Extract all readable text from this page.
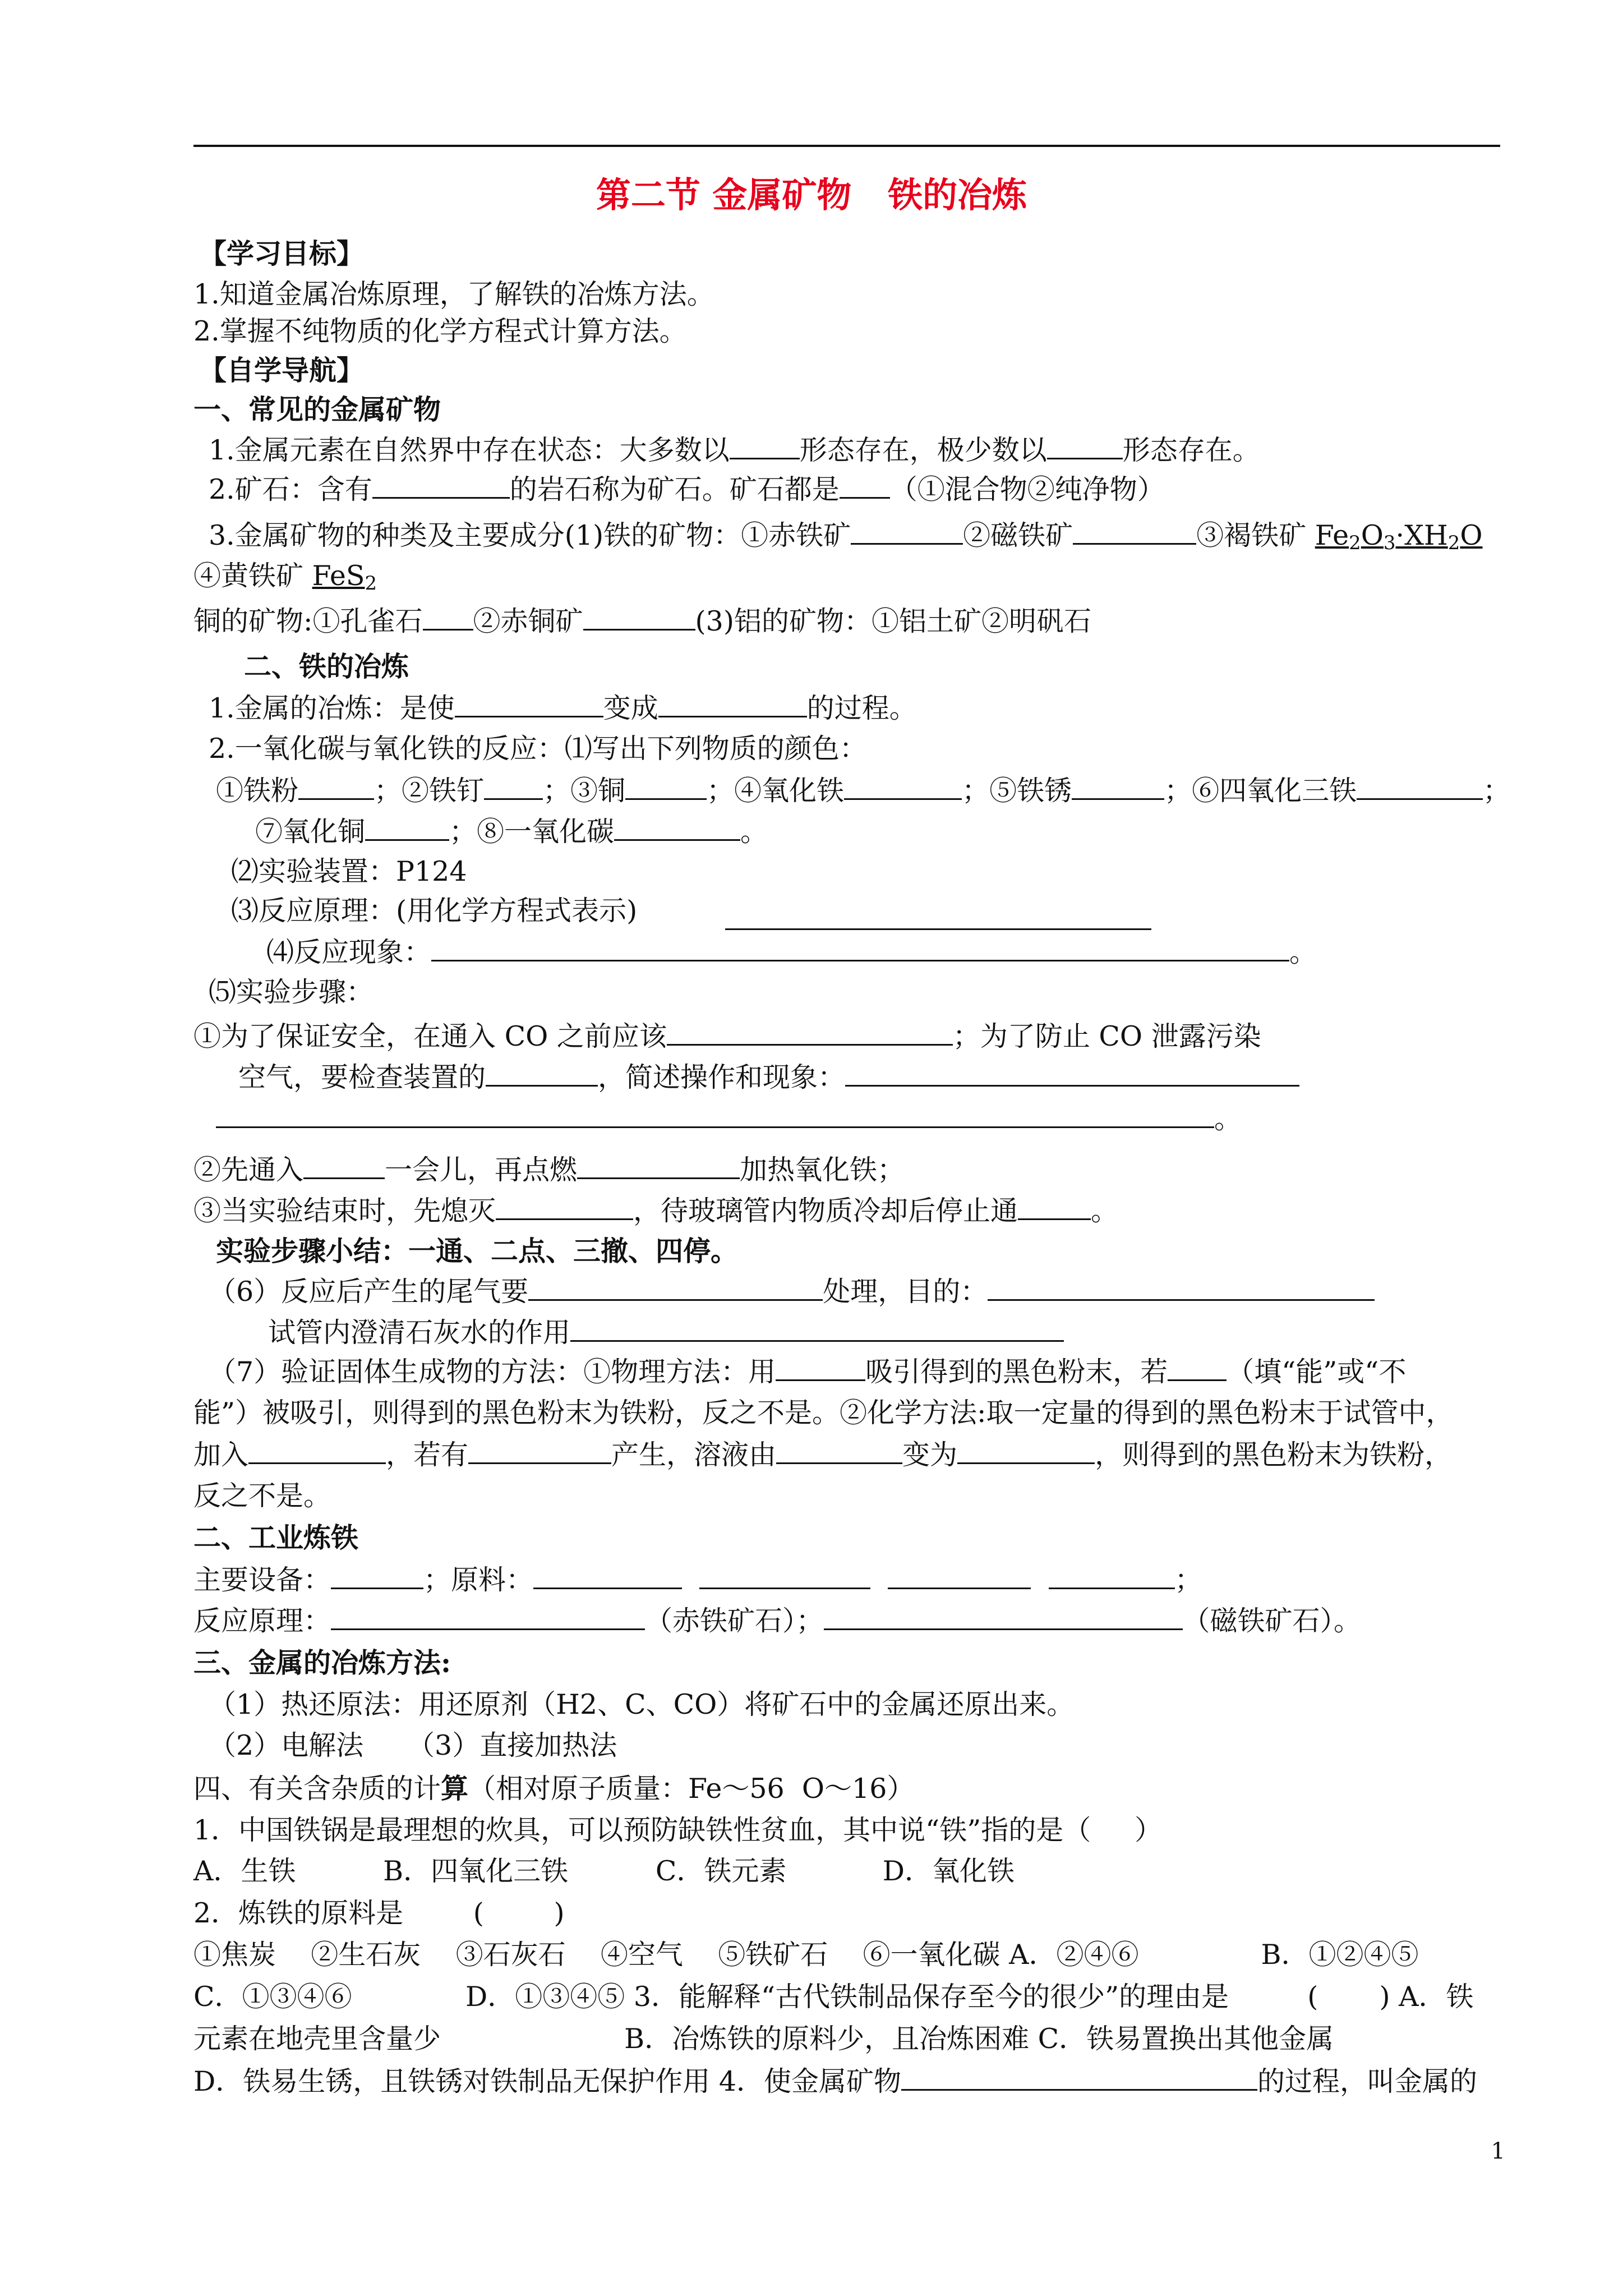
第二节 金属矿物   铁的冶炼
【学习目标】
1.知道金属冶炼原理，了解铁的冶炼方法。
2.掌握不纯物质的化学方程式计算方法。
【自学导航】
一、常见的金属矿物
1.金属元素在自然界中存在状态：大多数以	形态存在，极少数以	形态存在。
2.矿石：含有	的岩石称为矿石。矿石都是 （①混合物②纯净物）
3.金属矿物的种类及主要成分(1)铁的矿物：①赤铁矿	②磁铁矿	③褐铁矿 $Fe_2O_3\cdot XH_2O$
④黄铁矿 FeS$_2$
铜的矿物:①孔雀石 ②赤铜矿	(3)铝的矿物：①铝土矿②明矾石
二、铁的冶炼
1.金属的冶炼：是使	变成	的过程。
2.一氧化碳与氧化铁的反应：⑴写出下列物质的颜色：
①铁粉	；②铁钉 ；③铜	；④氧化铁	；⑤铁锈	；⑥四氧化三铁	；
⑦氧化铜	；⑧一氧化碳	。
⑵实验装置：P124
⑶反应原理：(用化学方程式表示)
⑷反应现象：	。
⑸实验步骤：
①为了保证安全，在通入 CO 之前应该	；为了防止 CO 泄露污染
空气，要检查装置的	，简述操作和现象：
。
②先通入	一会儿，再点燃	加热氧化铁；
③当实验结束时，先熄灭	，待玻璃管内物质冷却后停止通	。
实验步骤小结：一通、二点、三撤、四停。
（6）反应后产生的尾气要	处理，目的：
试管内澄清石灰水的作用
（7）验证固体生成物的方法：①物理方法：用	吸引得到的黑色粉末，若 （填“能”或“不
能”）被吸引，则得到的黑色粉末为铁粉，反之不是。②化学方法:取一定量的得到的黑色粉末于试管中，
加入	，若有	产生，溶液由	变为	，则得到的黑色粉末为铁粉，
反之不是。
二、工业炼铁
主要设备：	；原料：	；
反应原理：	（赤铁矿石）；	（磁铁矿石）。
三、金属的冶炼方法:
（1）热还原法：用还原剂（H2、C、CO）将矿石中的金属还原出来。
（2）电解法     （3）直接加热法
四、有关含杂质的计算（相对原子质量：Fe～56  O～16）
1．中国铁锅是最理想的炊具，可以预防缺铁性贫血，其中说“铁”指的是（     ）
A．生铁          B．四氧化三铁          C．铁元素           D．氧化铁
2．炼铁的原料是        (        )
①焦炭    ②生石灰    ③石灰石    ④空气    ⑤铁矿石    ⑥一氧化碳 A．②④⑥              B．①②④⑤
C．①③④⑥             D．①③④⑤ 3．能解释“古代铁制品保存至今的很少”的理由是         (       ) A．铁
元素在地壳里含量少                     B．冶炼铁的原料少，且冶炼困难 C．铁易置换出其他金属
D．铁易生锈，且铁锈对铁制品无保护作用 4．使金属矿物	的过程，叫金属的
1
